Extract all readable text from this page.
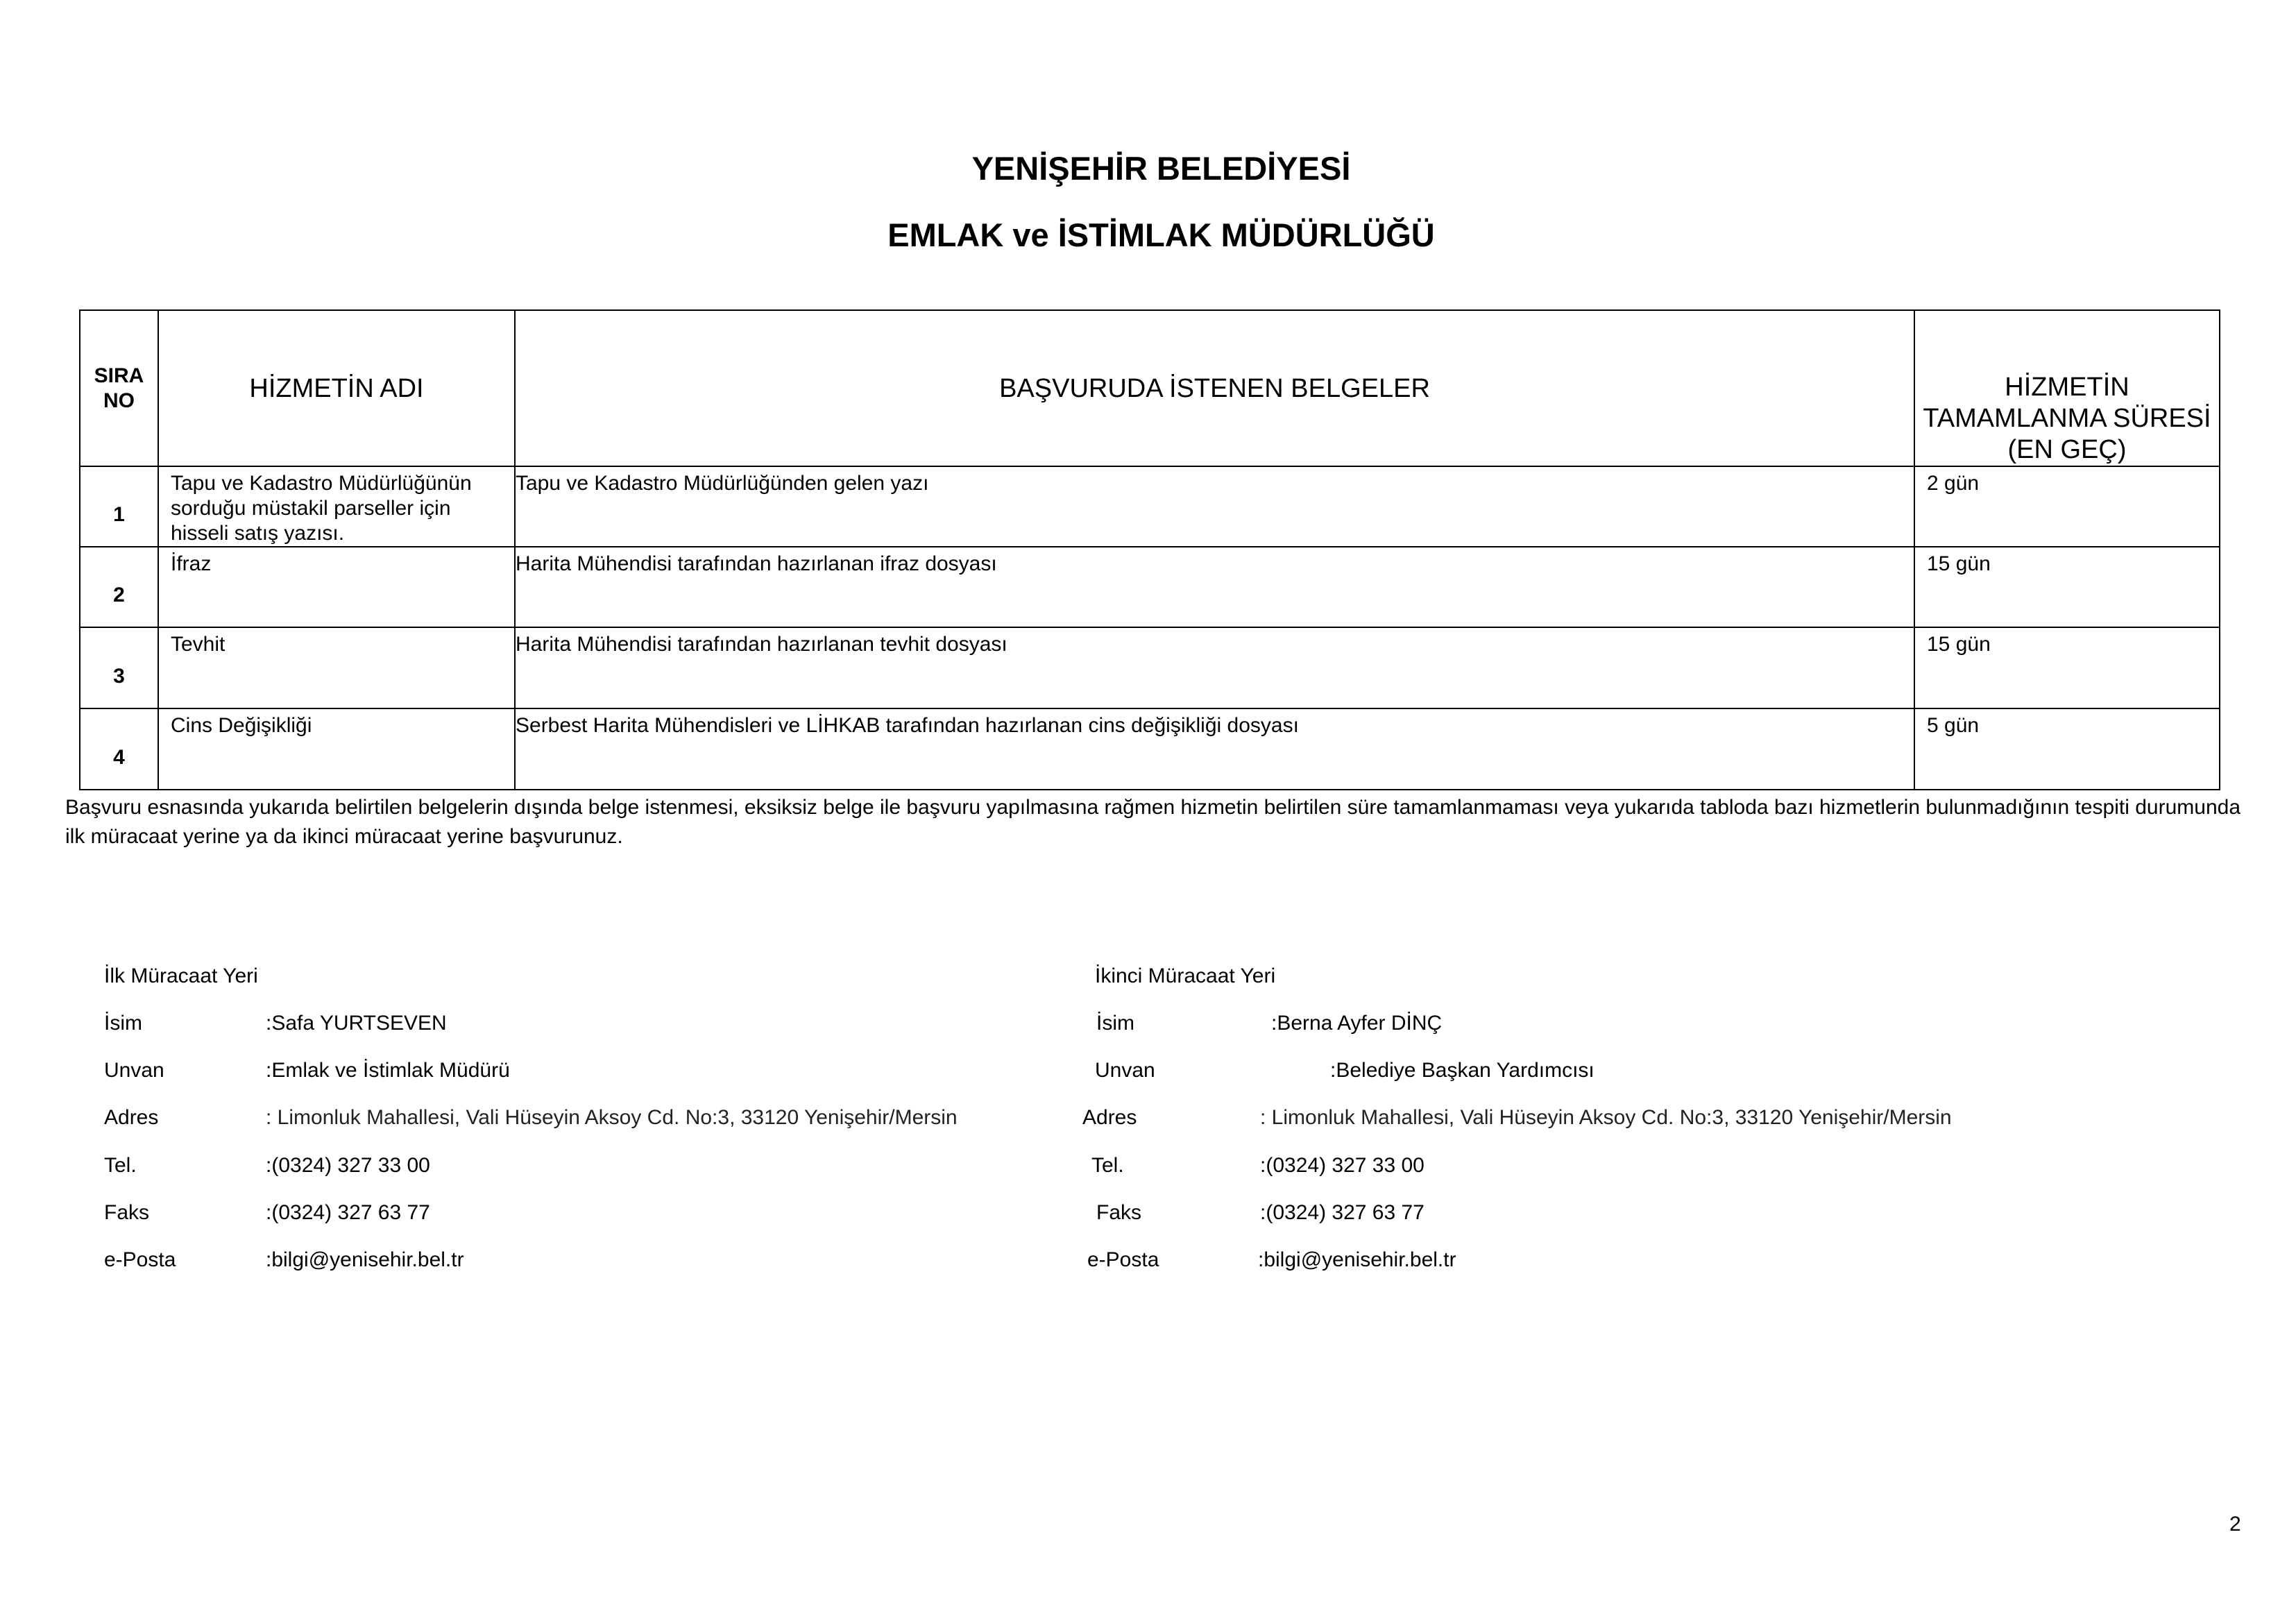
YENİŞEHİR BELEDİYESİ
EMLAK ve İSTİMLAK MÜDÜRLÜĞÜ
SIRA NO	HİZMETİN ADI	BAŞVURUDA İSTENEN BELGELER	HİZMETİN TAMAMLANMA SÜRESİ (EN GEÇ)
1	Tapu ve Kadastro Müdürlüğünün sorduğu müstakil parseller için hisseli satış yazısı.	Tapu ve Kadastro Müdürlüğünden gelen yazı	2 gün
2	İfraz	Harita Mühendisi tarafından hazırlanan ifraz dosyası	15 gün
3	Tevhit	Harita Mühendisi tarafından hazırlanan tevhit dosyası	15 gün
4	Cins Değişikliği	Serbest Harita Mühendisleri ve LİHKAB tarafından hazırlanan cins değişikliği dosyası	5 gün
Başvuru esnasında yukarıda belirtilen belgelerin dışında belge istenmesi, eksiksiz belge ile başvuru yapılmasına rağmen hizmetin belirtilen süre tamamlanmaması veya yukarıda tabloda bazı hizmetlerin bulunmadığının tespiti durumunda ilk müracaat yerine ya da ikinci müracaat yerine başvurunuz.
İlk Müracaat Yeri
İsim	:Safa YURTSEVEN
Unvan	:Emlak ve İstimlak Müdürü
Adres	: Limonluk Mahallesi, Vali Hüseyin Aksoy Cd. No:3, 33120 Yenişehir/Mersin
Tel.	:(0324) 327 33 00
Faks	:(0324) 327 63 77
e-Posta	:bilgi@yenisehir.bel.tr
İkinci Müracaat Yeri
İsim	:Berna Ayfer DİNÇ
Unvan	:Belediye Başkan Yardımcısı
Adres	: Limonluk Mahallesi, Vali Hüseyin Aksoy Cd. No:3, 33120 Yenişehir/Mersin
Tel.	:(0324) 327 33 00
Faks	:(0324) 327 63 77
e-Posta	:bilgi@yenisehir.bel.tr
2
